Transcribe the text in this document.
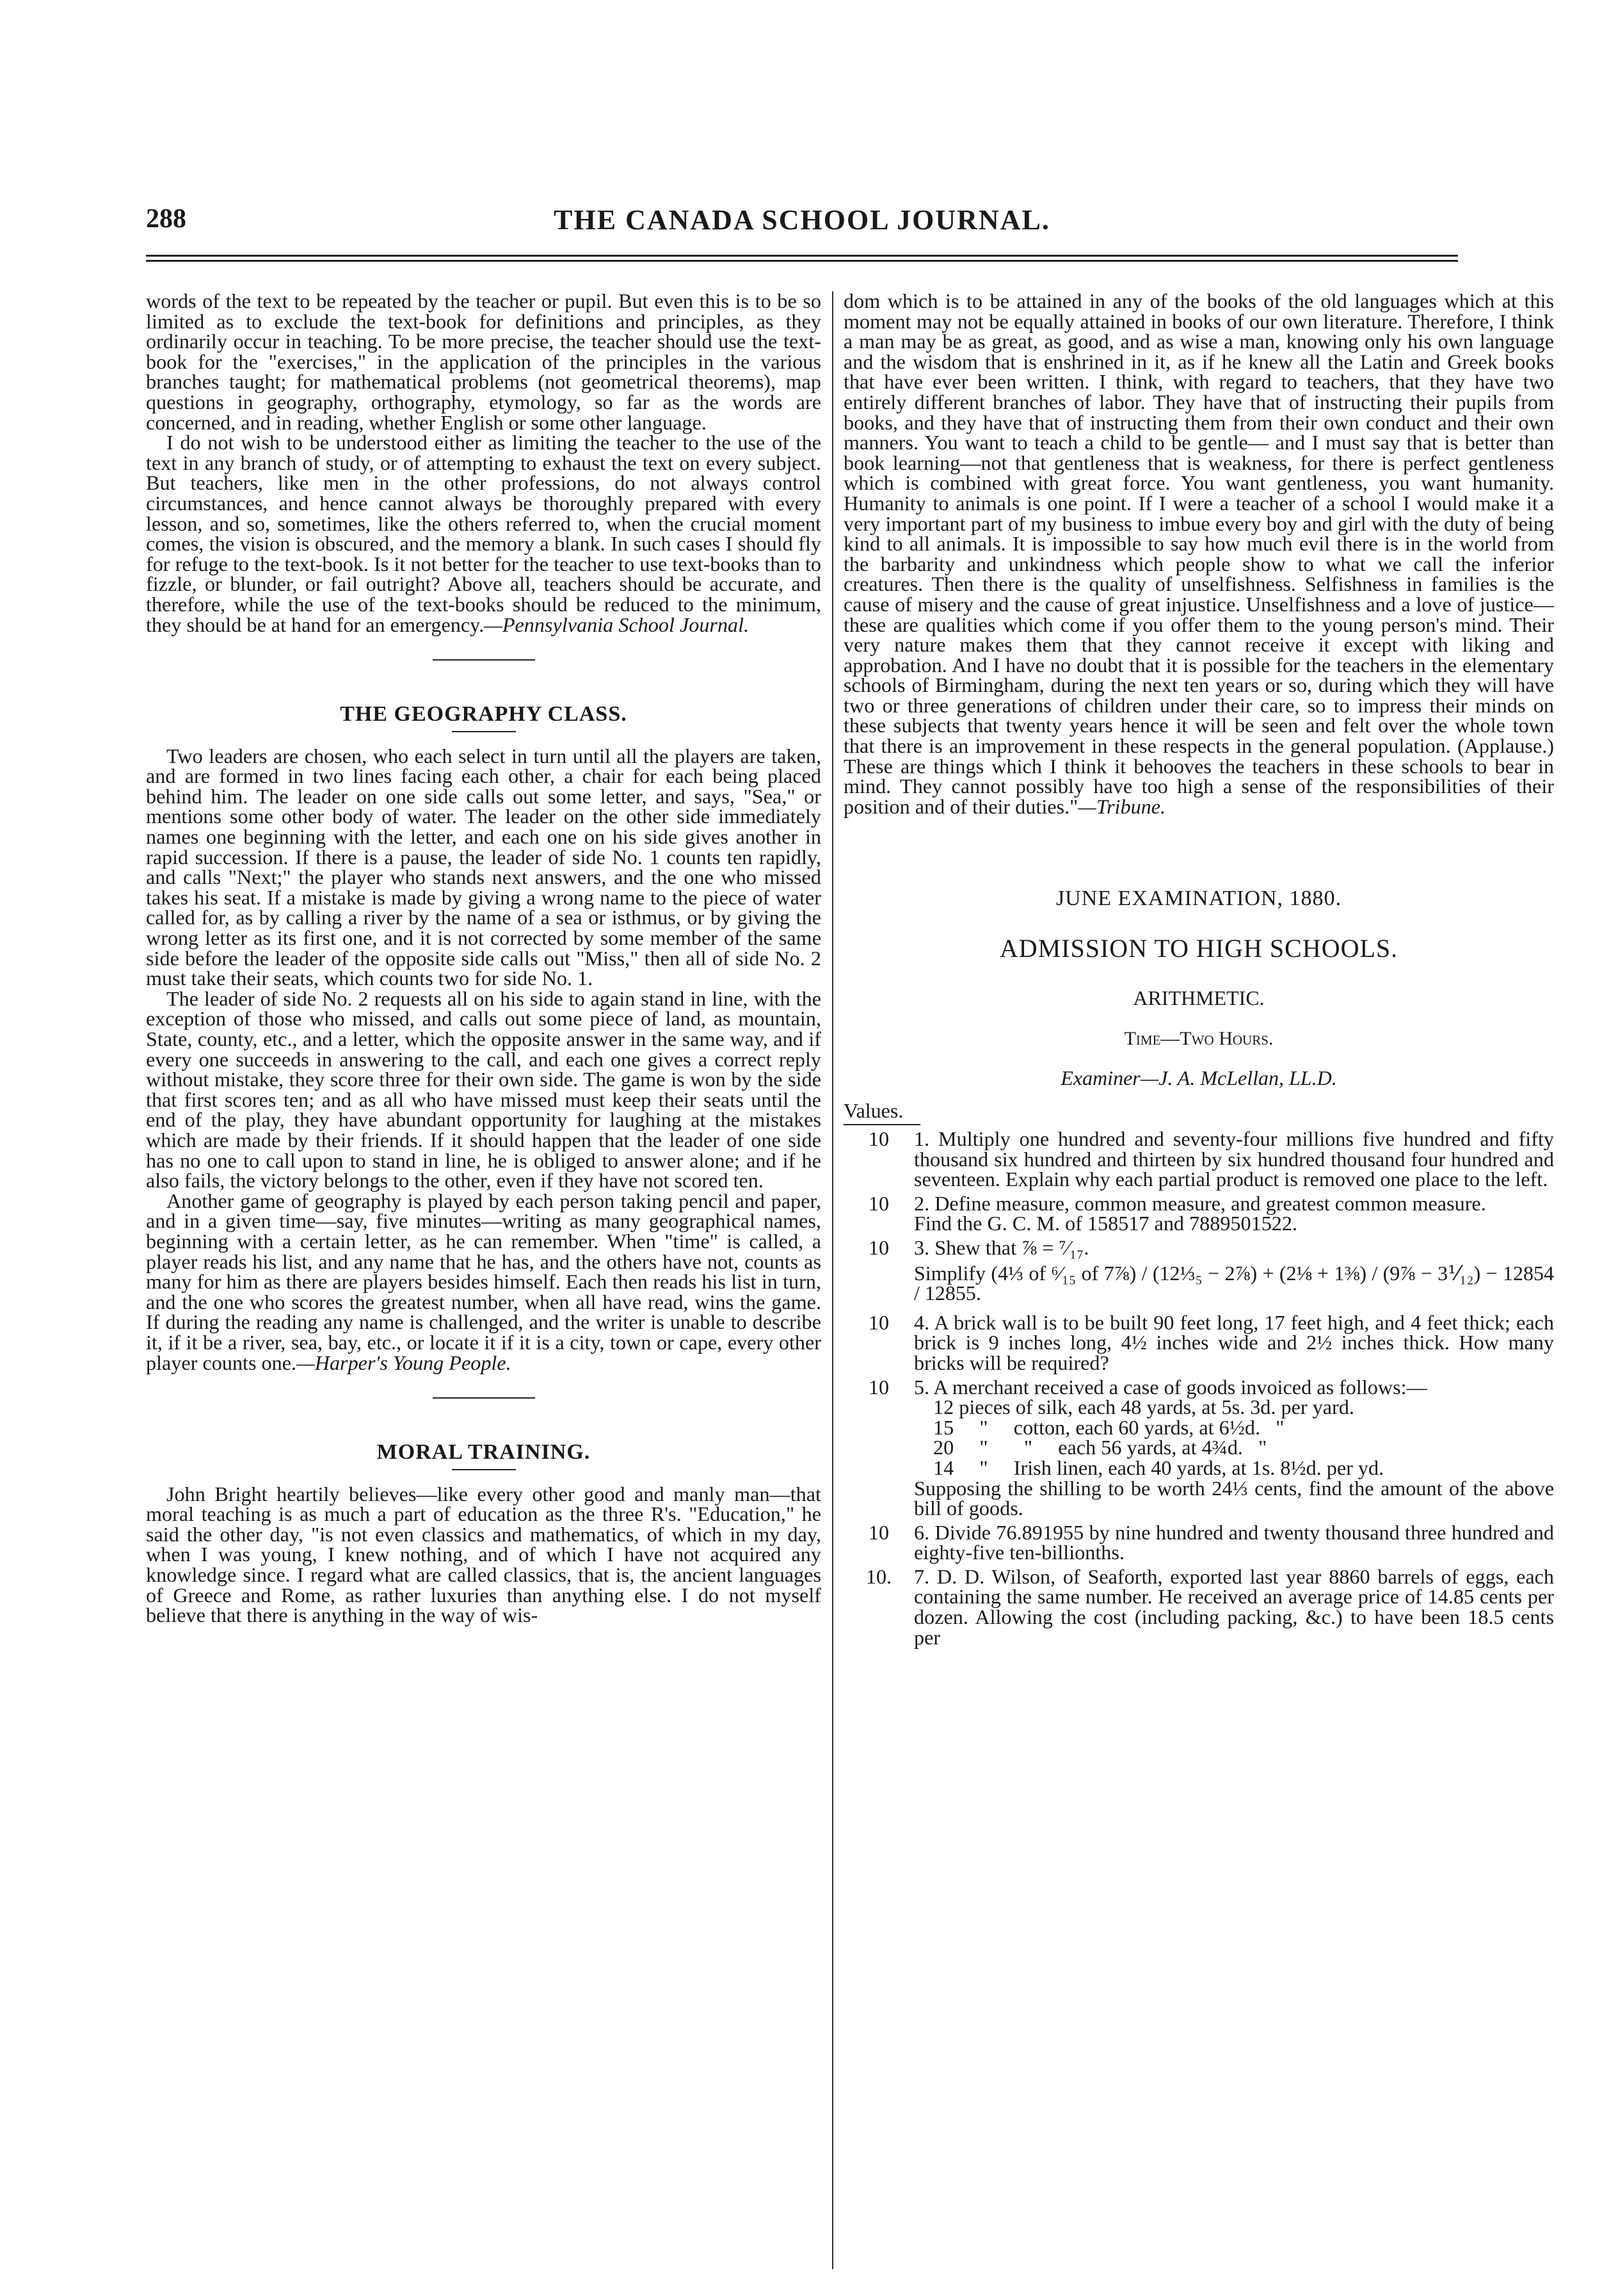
288	THE CANADA SCHOOL JOURNAL.

words of the text to be repeated by the teacher or pupil. But even this is to be so limited as to exclude the text-book for definitions and principles, as they ordinarily occur in teaching. To be more precise, the teacher should use the text-book for the "exercises," in the application of the principles in the various branches taught; for mathematical problems (not geometrical theorems), map questions in geography, orthography, etymology, so far as the words are concerned, and in reading, whether English or some other language.

I do not wish to be understood either as limiting the teacher to the use of the text in any branch of study, or of attempting to exhaust the text on every subject. But teachers, like men in the other professions, do not always control circumstances, and hence cannot always be thoroughly prepared with every lesson, and so, sometimes, like the others referred to, when the crucial moment comes, the vision is obscured, and the memory a blank. In such cases I should fly for refuge to the text-book. Is it not better for the teacher to use text-books than to fizzle, or blunder, or fail outright? Above all, teachers should be accurate, and therefore, while the use of the text-books should be reduced to the minimum, they should be at hand for an emergency.—Pennsylvania School Journal.

THE GEOGRAPHY CLASS.

Two leaders are chosen, who each select in turn until all the players are taken, and are formed in two lines facing each other, a chair for each being placed behind him. The leader on one side calls out some letter, and says, "Sea," or mentions some other body of water. The leader on the other side immediately names one beginning with the letter, and each one on his side gives another in rapid succession. If there is a pause, the leader of side No. 1 counts ten rapidly, and calls "Next;" the player who stands next answers, and the one who missed takes his seat. If a mistake is made by giving a wrong name to the piece of water called for, as by calling a river by the name of a sea or isthmus, or by giving the wrong letter as its first one, and it is not corrected by some member of the same side before the leader of the opposite side calls out "Miss," then all of side No. 2 must take their seats, which counts two for side No. 1.

The leader of side No. 2 requests all on his side to again stand in line, with the exception of those who missed, and calls out some piece of land, as mountain, State, county, etc., and a letter, which the opposite answer in the same way, and if every one succeeds in answering to the call, and each one gives a correct reply without mistake, they score three for their own side. The game is won by the side that first scores ten; and as all who have missed must keep their seats until the end of the play, they have abundant opportunity for laughing at the mistakes which are made by their friends. If it should happen that the leader of one side has no one to call upon to stand in line, he is obliged to answer alone; and if he also fails, the victory belongs to the other, even if they have not scored ten.

Another game of geography is played by each person taking pencil and paper, and in a given time—say, five minutes—writing as many geographical names, beginning with a certain letter, as he can remember. When "time" is called, a player reads his list, and any name that he has, and the others have not, counts as many for him as there are players besides himself. Each then reads his list in turn, and the one who scores the greatest number, when all have read, wins the game. If during the reading any name is challenged, and the writer is unable to describe it, if it be a river, sea, bay, etc., or locate it if it is a city, town or cape, every other player counts one.—Harper's Young People.

MORAL TRAINING.

John Bright heartily believes—like every other good and manly man—that moral teaching is as much a part of education as the three R's. "Education," he said the other day, "is not even classics and mathematics, of which in my day, when I was young, I knew nothing, and of which I have not acquired any knowledge since. I regard what are called classics, that is, the ancient languages of Greece and Rome, as rather luxuries than anything else. I do not myself believe that there is anything in the way of wis-

dom which is to be attained in any of the books of the old languages which at this moment may not be equally attained in books of our own literature. Therefore, I think a man may be as great, as good, and as wise a man, knowing only his own language and the wisdom that is enshrined in it, as if he knew all the Latin and Greek books that have ever been written. I think, with regard to teachers, that they have two entirely different branches of labor. They have that of instructing their pupils from books, and they have that of instructing them from their own conduct and their own manners. You want to teach a child to be gentle— and I must say that is better than book learning—not that gentleness that is weakness, for there is perfect gentleness which is combined with great force. You want gentleness, you want humanity. Humanity to animals is one point. If I were a teacher of a school I would make it a very important part of my business to imbue every boy and girl with the duty of being kind to all animals. It is impossible to say how much evil there is in the world from the barbarity and unkindness which people show to what we call the inferior creatures. Then there is the quality of unselfishness. Selfishness in families is the cause of misery and the cause of great injustice. Unselfishness and a love of justice—these are qualities which come if you offer them to the young person's mind. Their very nature makes them that they cannot receive it except with liking and approbation. And I have no doubt that it is possible for the teachers in the elementary schools of Birmingham, during the next ten years or so, during which they will have two or three generations of children under their care, so to impress their minds on these subjects that twenty years hence it will be seen and felt over the whole town that there is an improvement in these respects in the general population. (Applause.) These are things which I think it behooves the teachers in these schools to bear in mind. They cannot possibly have too high a sense of the responsibilities of their position and of their duties."—Tribune.

JUNE EXAMINATION, 1880.
ADMISSION TO HIGH SCHOOLS.
ARITHMETIC.
Time—Two Hours.
Examiner—J. A. McLellan, LL.D.
Values.
10	1. Multiply one hundred and seventy-four millions five hundred and fifty thousand six hundred and thirteen by six hundred thousand four hundred and seventeen. Explain why each partial product is removed one place to the left.
10	2. Define measure, common measure, and greatest common measure.
Find the G. C. M. of 158517 and 7889501522.
10	3. Shew that ⅞ = ⁷⁄₁₇.
Simplify (4⅓ of ⁶⁄₁₅ of 7⅞) / (12⅓₅ − 2⅞) + (2⅛ + 1⅜) / (9⅞ − 3⅟₁₂) − 12854 / 12855.
10	4. A brick wall is to be built 90 feet long, 17 feet high, and 4 feet thick; each brick is 9 inches long, 4½ inches wide and 2½ inches thick. How many bricks will be required?
10	5. A merchant received a case of goods invoiced as follows:—
12 pieces of silk, each 48 yards, at 5s. 3d. per yard.
15     "     cotton, each 60 yards, at 6½d.   "
20     "       "     each 56 yards, at 4¾d.   "
14     "     Irish linen, each 40 yards, at 1s. 8½d. per yd.
Supposing the shilling to be worth 24⅓ cents, find the amount of the above bill of goods.
10	6. Divide 76.891955 by nine hundred and twenty thousand three hundred and eighty-five ten-billionths.
10.	7. D. D. Wilson, of Seaforth, exported last year 8860 barrels of eggs, each containing the same number. He received an average price of 14.85 cents per dozen. Allowing the cost (including packing, &c.) to have been 18.5 cents per
